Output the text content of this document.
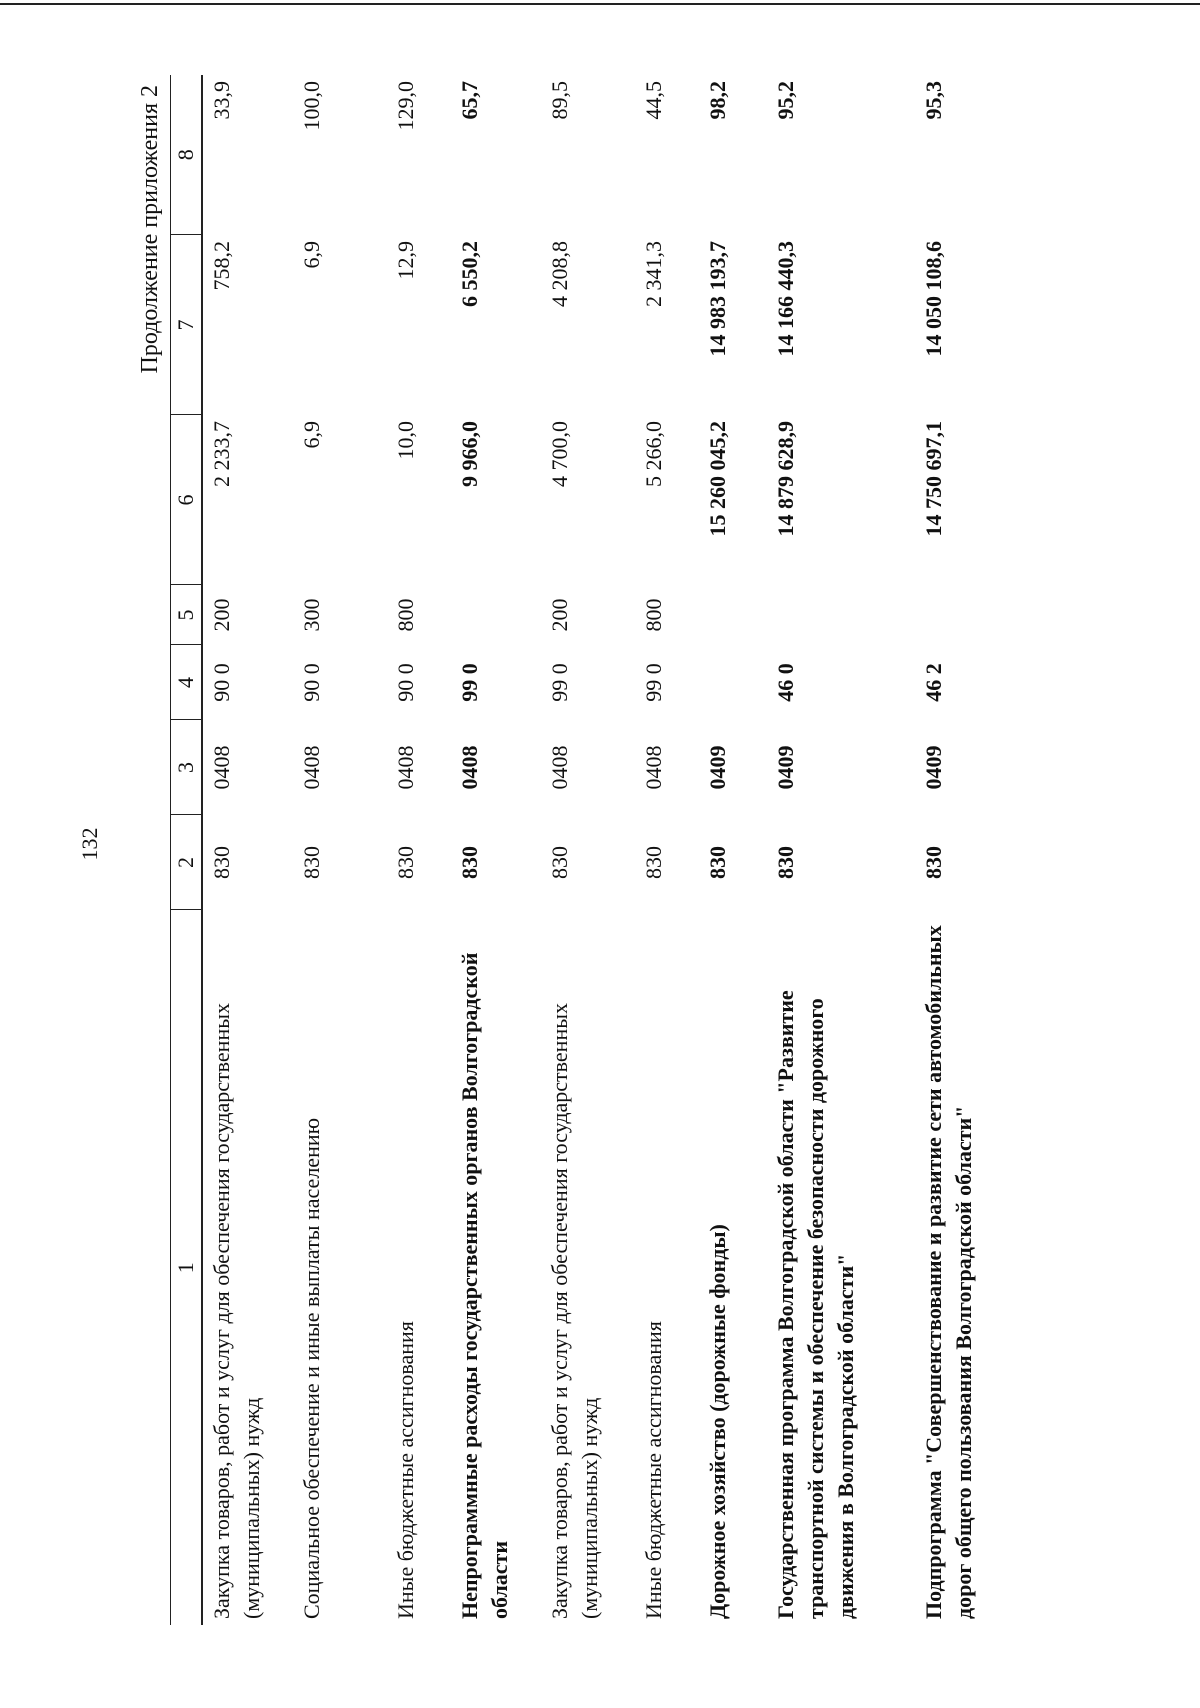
132
Продолжение приложения 2
1	2	3	4	5	6	7	8
Закупка товаров, работ и услуг для обеспечения государственных (муниципальных) нужд	830	0408	90 0	200	2 233,7	758,2	33,9
Социальное обеспечение и иные выплаты населению	830	0408	90 0	300	6,9	6,9	100,0
Иные бюджетные ассигнования	830	0408	90 0	800	10,0	12,9	129,0
Непрограммные расходы государственных органов Волгоградской области	830	0408	99 0		9 966,0	6 550,2	65,7
Закупка товаров, работ и услуг для обеспечения государственных (муниципальных) нужд	830	0408	99 0	200	4 700,0	4 208,8	89,5
Иные бюджетные ассигнования	830	0408	99 0	800	5 266,0	2 341,3	44,5
Дорожное хозяйство (дорожные фонды)	830	0409			15 260 045,2	14 983 193,7	98,2
Государственная программа Волгоградской области "Развитие транспортной системы и обеспечение безопасности дорожного движения в Волгоградской области"	830	0409	46 0		14 879 628,9	14 166 440,3	95,2
Подпрограмма "Совершенствование и развитие сети автомобильных дорог общего пользования Волгоградской области"	830	0409	46 2		14 750 697,1	14 050 108,6	95,3
